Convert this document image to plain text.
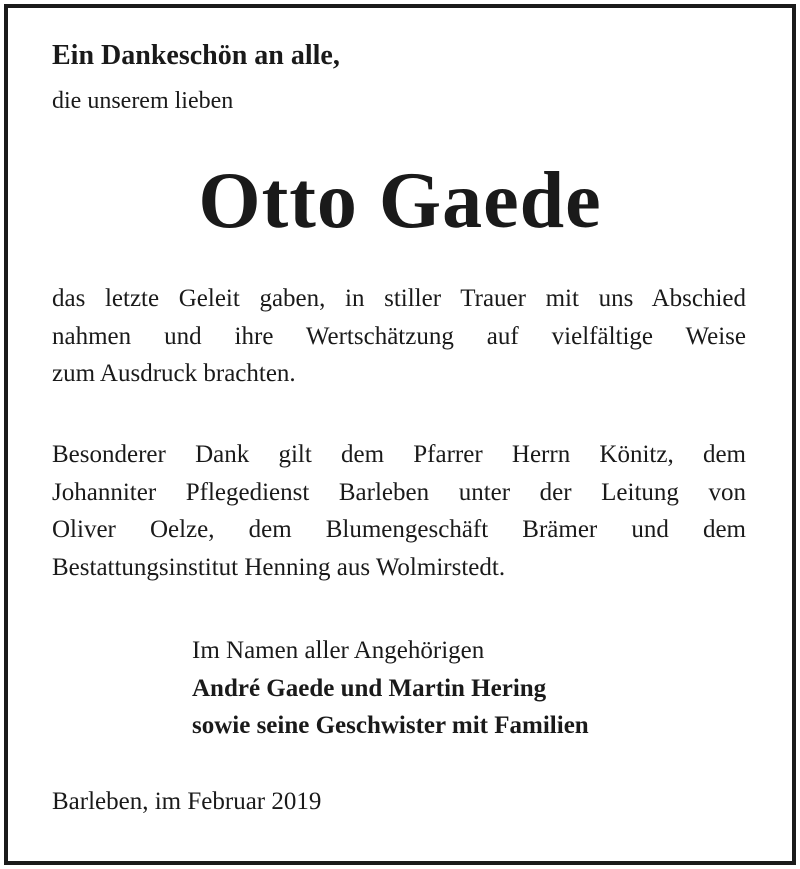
Ein Dankeschön an alle,

die unserem lieben

Otto Gaede

das letzte Geleit gaben, in stiller Trauer mit uns Abschied
nahmen und ihre Wertschätzung auf vielfältige Weise
zum Ausdruck brachten.
Besonderer Dank gilt dem Pfarrer Herrn Könitz, dem
Johanniter Pflegedienst Barleben unter der Leitung von
Oliver Oelze, dem Blumengeschäft Brämer und dem
Bestattungsinstitut Henning aus Wolmirstedt.
Im Namen aller Angehörigen
André Gaede und Martin Hering
sowie seine Geschwister mit Familien

Barleben, im Februar 2019
